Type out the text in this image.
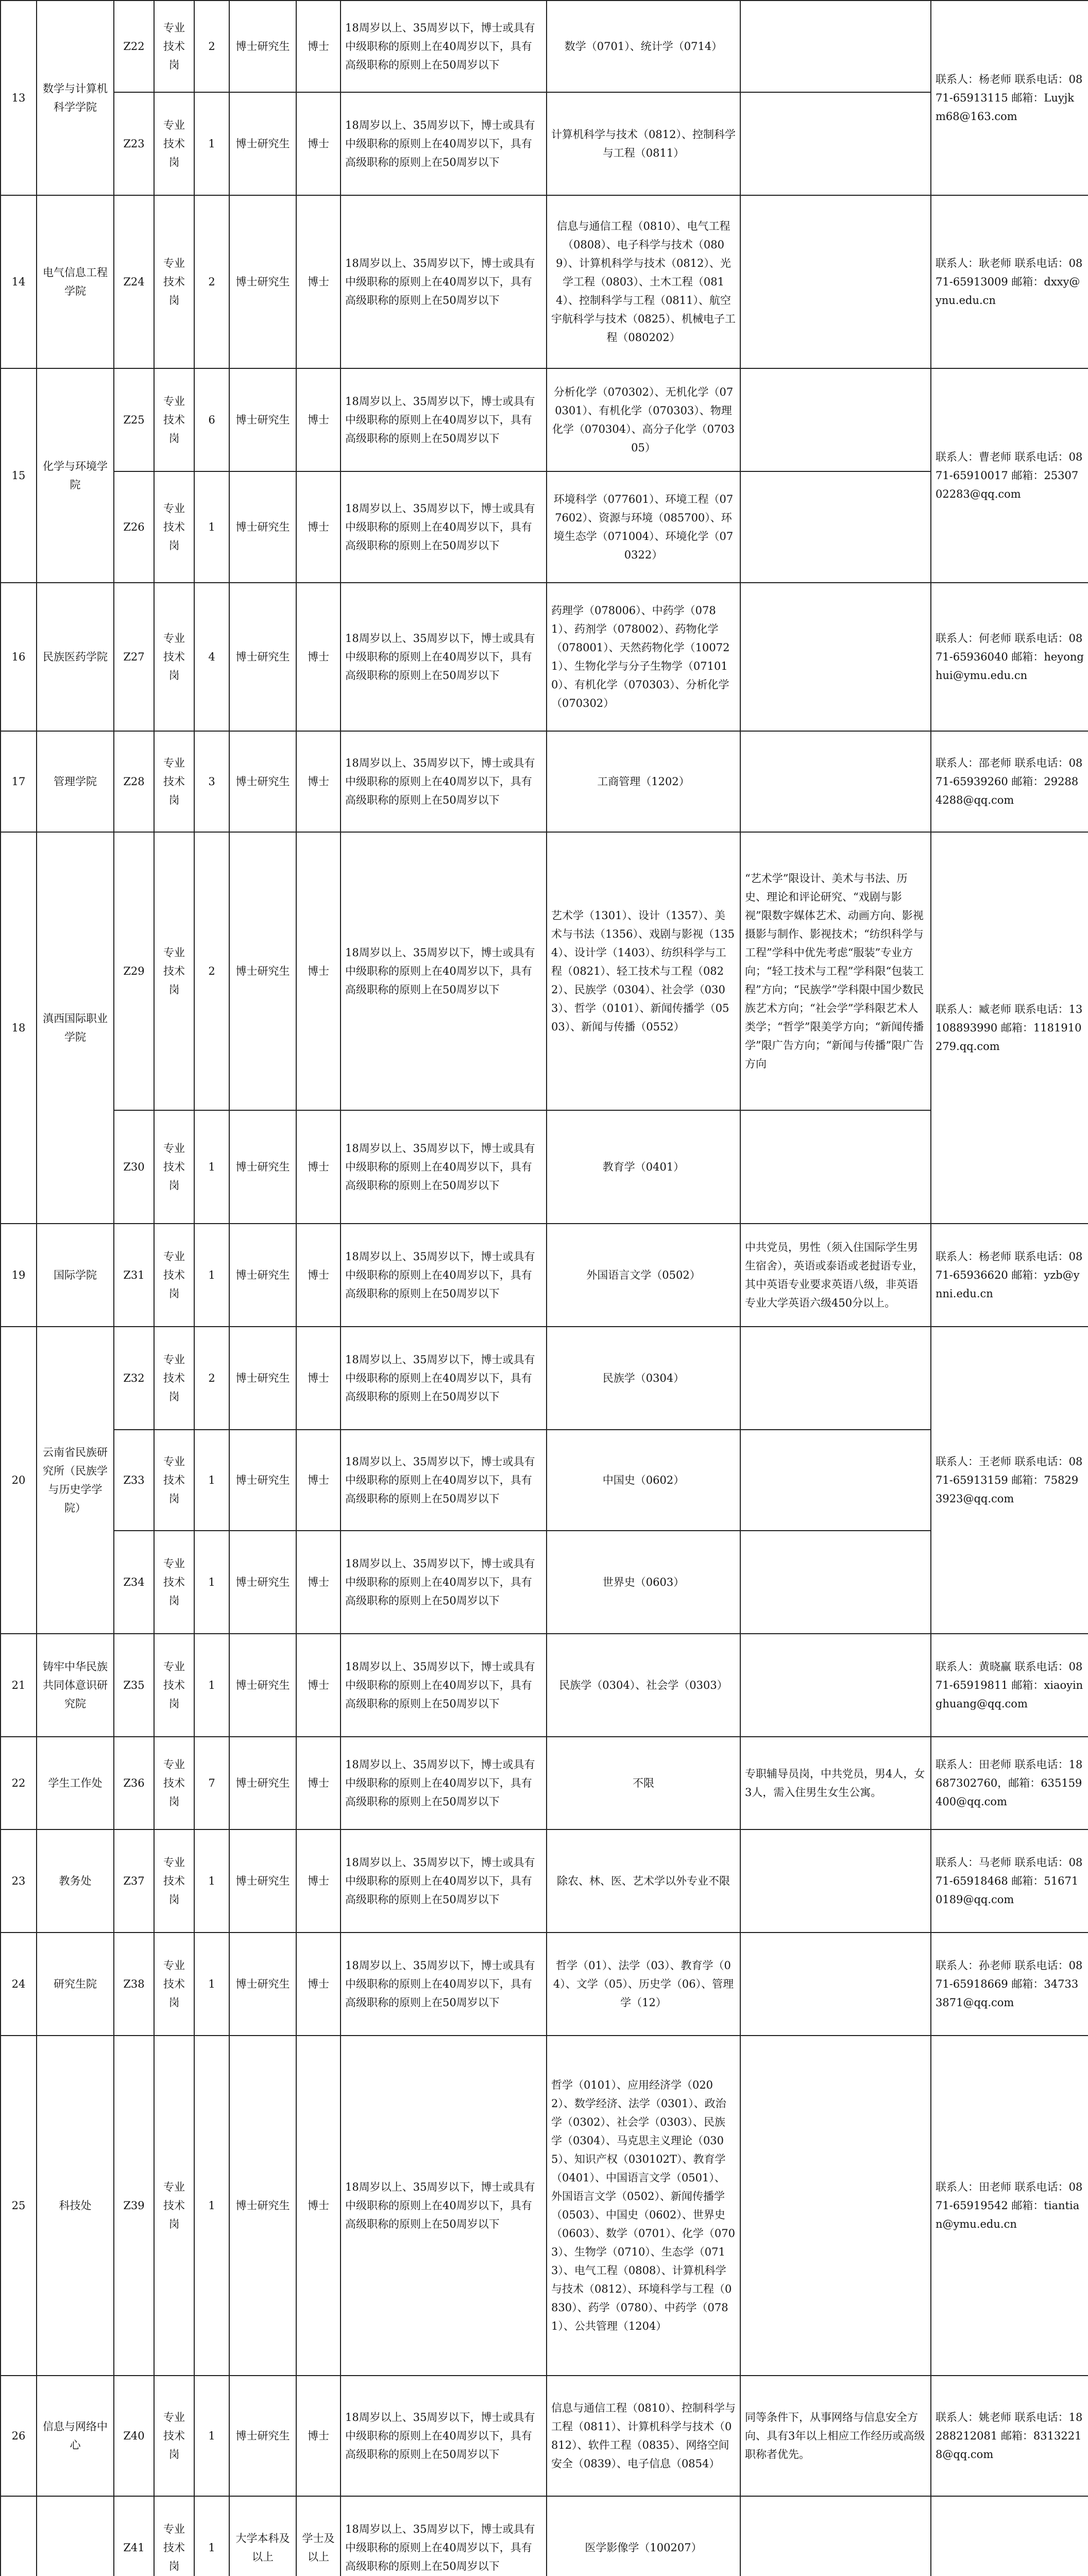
13	数学与计算机科学学院	Z22	专业技术岗	2	博士研究生	博士	18周岁以上、35周岁以下，博士或具有中级职称的原则上在40周岁以下，具有高级职称的原则上在50周岁以下	数学（0701）、统计学（0714）		联系人：杨老师 联系电话：0871-65913115 邮箱：Luyjkm68@163.com
		Z23	专业技术岗	1	博士研究生	博士	18周岁以上、35周岁以下，博士或具有中级职称的原则上在40周岁以下，具有高级职称的原则上在50周岁以下	计算机科学与技术（0812）、控制科学与工程（0811）		
14	电气信息工程学院	Z24	专业技术岗	2	博士研究生	博士	18周岁以上、35周岁以下，博士或具有中级职称的原则上在40周岁以下，具有高级职称的原则上在50周岁以下	信息与通信工程（0810）、电气工程（0808）、电子科学与技术（0809）、计算机科学与技术（0812）、光学工程（0803）、土木工程（0814）、控制科学与工程（0811）、航空宇航科学与技术（0825）、机械电子工程（080202）		联系人：耿老师 联系电话：0871-65913009 邮箱：dxxy@ynu.edu.cn
15	化学与环境学院	Z25	专业技术岗	6	博士研究生	博士	18周岁以上、35周岁以下，博士或具有中级职称的原则上在40周岁以下，具有高级职称的原则上在50周岁以下	分析化学（070302）、无机化学（070301）、有机化学（070303）、物理化学（070304）、高分子化学（070305）		联系人：曹老师 联系电话：0871-65910017 邮箱：2530702283@qq.com
		Z26	专业技术岗	1	博士研究生	博士	18周岁以上、35周岁以下，博士或具有中级职称的原则上在40周岁以下，具有高级职称的原则上在50周岁以下	环境科学（077601）、环境工程（077602）、资源与环境（085700）、环境生态学（071004）、环境化学（070322）		
16	民族医药学院	Z27	专业技术岗	4	博士研究生	博士	18周岁以上、35周岁以下，博士或具有中级职称的原则上在40周岁以下，具有高级职称的原则上在50周岁以下	药理学（078006）、中药学（0781）、药剂学（078002）、药物化学（078001）、天然药物化学（100721）、生物化学与分子生物学（071010）、有机化学（070303）、分析化学（070302）		联系人：何老师 联系电话：0871-65936040 邮箱：heyonghui@ymu.edu.cn
17	管理学院	Z28	专业技术岗	3	博士研究生	博士	18周岁以上、35周岁以下，博士或具有中级职称的原则上在40周岁以下，具有高级职称的原则上在50周岁以下	工商管理（1202）		联系人：邵老师 联系电话：0871-65939260 邮箱：292884288@qq.com
18	滇西国际职业学院	Z29	专业技术岗	2	博士研究生	博士	18周岁以上、35周岁以下，博士或具有中级职称的原则上在40周岁以下，具有高级职称的原则上在50周岁以下	艺术学（1301）、设计（1357）、美术与书法（1356）、戏剧与影视（1354）、设计学（1403）、纺织科学与工程（0821）、轻工技术与工程（0822）、民族学（0304）、社会学（0303）、哲学（0101）、新闻传播学（0503）、新闻与传播（0552）	“艺术学”限设计、美术与书法、历史、理论和评论研究、“戏剧与影视”限数字媒体艺术、动画方向、影视摄影与制作、影视技术；“纺织科学与工程”学科中优先考虑“服装”专业方向；“轻工技术与工程”学科限“包装工程”方向；“民族学”学科限中国少数民族艺术方向；“社会学”学科限艺术人类学；“哲学”限美学方向；“新闻传播学”限广告方向；“新闻与传播”限广告方向	联系人：臧老师 联系电话：13108893990 邮箱：1181910279.qq.com
		Z30	专业技术岗	1	博士研究生	博士	18周岁以上、35周岁以下，博士或具有中级职称的原则上在40周岁以下，具有高级职称的原则上在50周岁以下	教育学（0401）		
19	国际学院	Z31	专业技术岗	1	博士研究生	博士	18周岁以上、35周岁以下，博士或具有中级职称的原则上在40周岁以下，具有高级职称的原则上在50周岁以下	外国语言文学（0502）	中共党员，男性（须入住国际学生男生宿舍），英语或泰语或老挝语专业，其中英语专业要求英语八级，非英语专业大学英语六级450分以上。	联系人：杨老师 联系电话：0871-65936620 邮箱：yzb@ynni.edu.cn
20	云南省民族研究所（民族学与历史学学院）	Z32	专业技术岗	2	博士研究生	博士	18周岁以上、35周岁以下，博士或具有中级职称的原则上在40周岁以下，具有高级职称的原则上在50周岁以下	民族学（0304）		联系人：王老师 联系电话：0871-65913159 邮箱：758293923@qq.com
		Z33	专业技术岗	1	博士研究生	博士	18周岁以上、35周岁以下，博士或具有中级职称的原则上在40周岁以下，具有高级职称的原则上在50周岁以下	中国史（0602）		
		Z34	专业技术岗	1	博士研究生	博士	18周岁以上、35周岁以下，博士或具有中级职称的原则上在40周岁以下，具有高级职称的原则上在50周岁以下	世界史（0603）		
21	铸牢中华民族共同体意识研究院	Z35	专业技术岗	1	博士研究生	博士	18周岁以上、35周岁以下，博士或具有中级职称的原则上在40周岁以下，具有高级职称的原则上在50周岁以下	民族学（0304）、社会学（0303）		联系人：黄晓赢 联系电话：0871-65919811 邮箱：xiaoyinghuang@qq.com
22	学生工作处	Z36	专业技术岗	7	博士研究生	博士	18周岁以上、35周岁以下，博士或具有中级职称的原则上在40周岁以下，具有高级职称的原则上在50周岁以下	不限	专职辅导员岗，中共党员，男4人，女3人，需入住男生女生公寓。	联系人：田老师 联系电话：18687302760，邮箱：635159400@qq.com
23	教务处	Z37	专业技术岗	1	博士研究生	博士	18周岁以上、35周岁以下，博士或具有中级职称的原则上在40周岁以下，具有高级职称的原则上在50周岁以下	除农、林、医、艺术学以外专业不限		联系人：马老师 联系电话：0871-65918468 邮箱：516710189@qq.com
24	研究生院	Z38	专业技术岗	1	博士研究生	博士	18周岁以上、35周岁以下，博士或具有中级职称的原则上在40周岁以下，具有高级职称的原则上在50周岁以下	哲学（01）、法学（03）、教育学（04）、文学（05）、历史学（06）、管理学（12）		联系人：孙老师 联系电话：0871-65918669 邮箱：347333871@qq.com
25	科技处	Z39	专业技术岗	1	博士研究生	博士	18周岁以上、35周岁以下，博士或具有中级职称的原则上在40周岁以下，具有高级职称的原则上在50周岁以下	哲学（0101）、应用经济学（0202）、数学经济、法学（0301）、政治学（0302）、社会学（0303）、民族学（0304）、马克思主义理论（0305）、知识产权（030102T）、教育学（0401）、中国语言文学（0501）、外国语言文学（0502）、新闻传播学（0503）、中国史（0602）、世界史（0603）、数学（0701）、化学（0703）、生物学（0710）、生态学（0713）、电气工程（0808）、计算机科学与技术（0812）、环境科学与工程（0830）、药学（0780）、中药学（0781）、公共管理（1204）		联系人：田老师 联系电话：0871-65919542 邮箱：tiantian@ymu.edu.cn
26	信息与网络中心	Z40	专业技术岗	1	博士研究生	博士	18周岁以上、35周岁以下，博士或具有中级职称的原则上在40周岁以下，具有高级职称的原则上在50周岁以下	信息与通信工程（0810）、控制科学与工程（0811）、计算机科学与技术（0812）、软件工程（0835）、网络空间安全（0839）、电子信息（0854）	同等条件下，从事网络与信息安全方向、具有3年以上相应工作经历或高级职称者优先。	联系人：姚老师 联系电话：18288212081 邮箱：83132218@qq.com
		Z41	专业技术岗	1	大学本科及以上	学士及以上	18周岁以上、35周岁以下，博士或具有中级职称的原则上在40周岁以下，具有高级职称的原则上在50周岁以下	医学影像学（100207）		
